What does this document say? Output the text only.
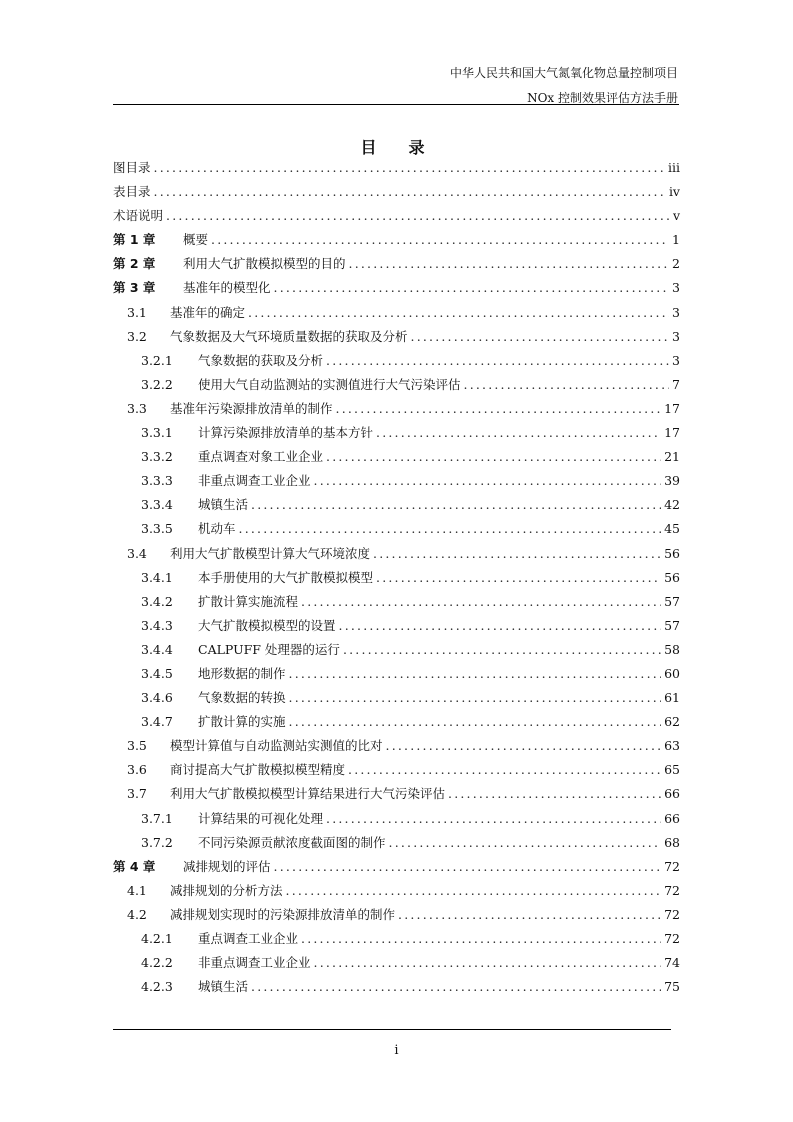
中华人民共和国大气氮氧化物总量控制项目
NOx 控制效果评估方法手册
目　录
图目录 .....	iii
表目录 .....	iv
术语说明 .....	v
第 1 章	概要 .....	1
第 2 章	利用大气扩散模拟模型的目的 .....	2
第 3 章	基准年的模型化 .....	3
3.1	基准年的确定 .....	3
3.2	气象数据及大气环境质量数据的获取及分析 .....	3
3.2.1	气象数据的获取及分析 .....	3
3.2.2	使用大气自动监测站的实测值进行大气污染评估 .....	7
3.3	基准年污染源排放清单的制作 .....	17
3.3.1	计算污染源排放清单的基本方针 .....	17
3.3.2	重点调查对象工业企业 .....	21
3.3.3	非重点调查工业企业 .....	39
3.3.4	城镇生活 .....	42
3.3.5	机动车 .....	45
3.4	利用大气扩散模型计算大气环境浓度 .....	56
3.4.1	本手册使用的大气扩散模拟模型 .....	56
3.4.2	扩散计算实施流程 .....	57
3.4.3	大气扩散模拟模型的设置 .....	57
3.4.4	CALPUFF 处理器的运行 .....	58
3.4.5	地形数据的制作 .....	60
3.4.6	气象数据的转换 .....	61
3.4.7	扩散计算的实施 .....	62
3.5	模型计算值与自动监测站实测值的比对 .....	63
3.6	商讨提高大气扩散模拟模型精度 .....	65
3.7	利用大气扩散模拟模型计算结果进行大气污染评估 .....	66
3.7.1	计算结果的可视化处理 .....	66
3.7.2	不同污染源贡献浓度截面图的制作 .....	68
第 4 章	减排规划的评估 .....	72
4.1	减排规划的分析方法 .....	72
4.2	减排规划实现时的污染源排放清单的制作 .....	72
4.2.1	重点调查工业企业 .....	72
4.2.2	非重点调查工业企业 .....	74
4.2.3	城镇生活 .....	75
i
